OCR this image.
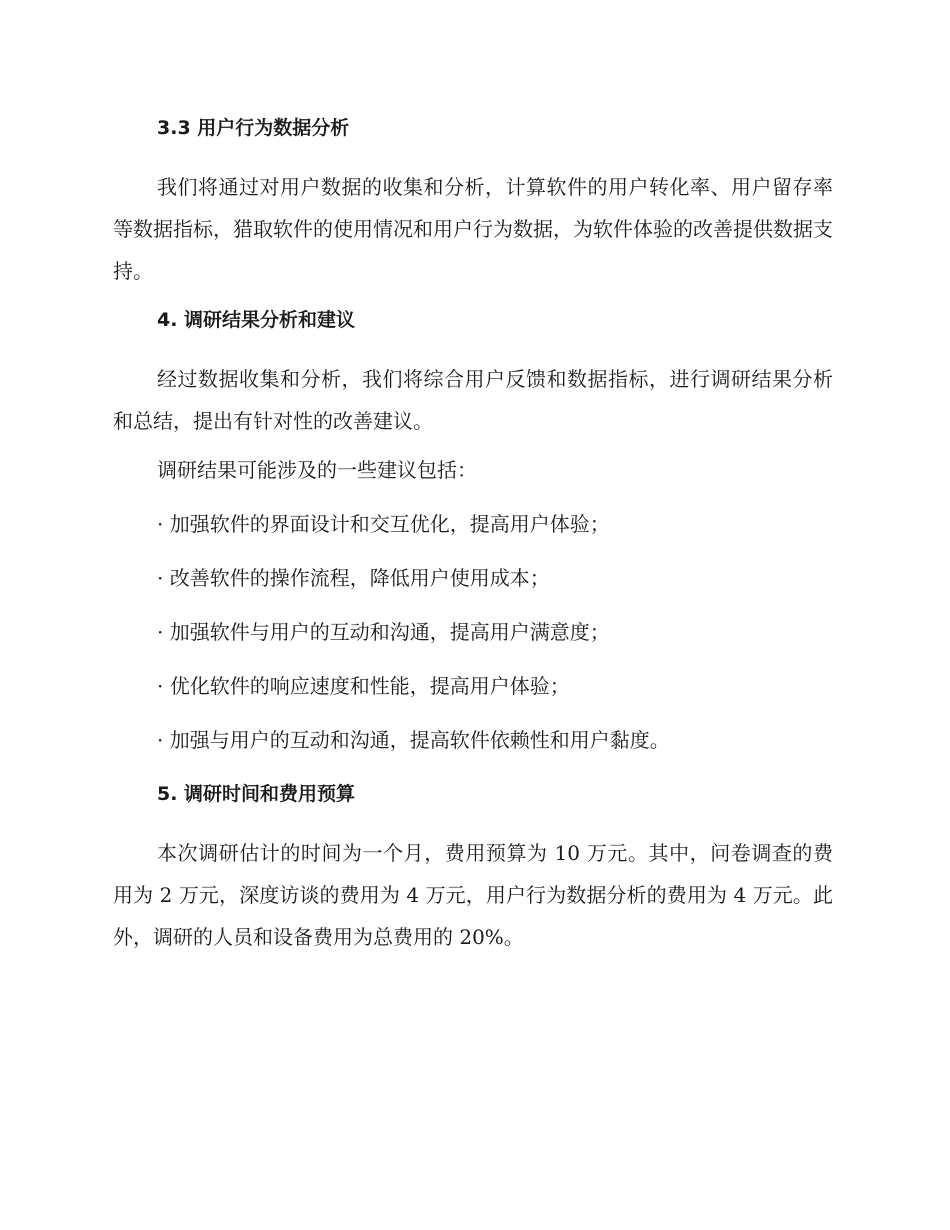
3.3 用户行为数据分析

我们将通过对用户数据的收集和分析，计算软件的用户转化率、用户留存率等数据指标，猎取软件的使用情况和用户行为数据，为软件体验的改善提供数据支持。

4. 调研结果分析和建议

经过数据收集和分析，我们将综合用户反馈和数据指标，进行调研结果分析和总结，提出有针对性的改善建议。

调研结果可能涉及的一些建议包括：
· 加强软件的界面设计和交互优化，提高用户体验；
· 改善软件的操作流程，降低用户使用成本；
· 加强软件与用户的互动和沟通，提高用户满意度；
· 优化软件的响应速度和性能，提高用户体验；
· 加强与用户的互动和沟通，提高软件依赖性和用户黏度。
5. 调研时间和费用预算

本次调研估计的时间为一个月，费用预算为 10 万元。其中，问卷调查的费用为 2 万元，深度访谈的费用为 4 万元，用户行为数据分析的费用为 4 万元。此外，调研的人员和设备费用为总费用的 20%。
